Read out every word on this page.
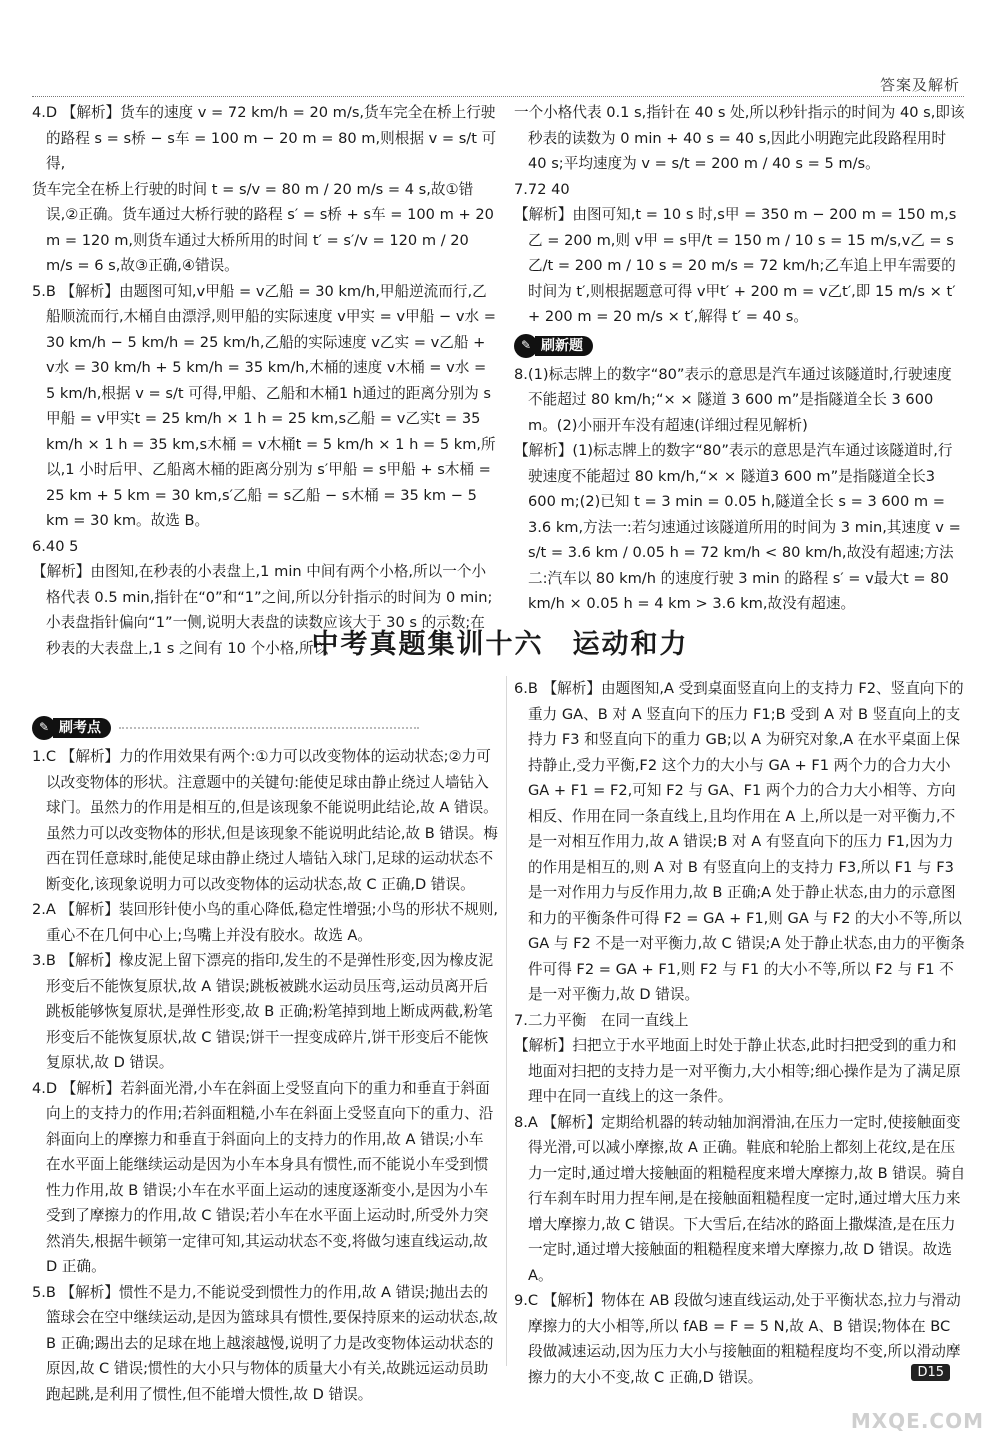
答案及解析

4.D 【解析】货车的速度 v = 72 km/h = 20 m/s,货车完全在桥上行驶的路程 s = s桥 − s车 = 100 m − 20 m = 80 m,则根据 v = s/t 可得,

货车完全在桥上行驶的时间 t = s/v = 80 m / 20 m/s = 4 s,故①错误,②正确。货车通过大桥行驶的路程 s′ = s桥 + s车 = 100 m + 20 m = 120 m,则货车通过大桥所用的时间 t′ = s′/v = 120 m / 20 m/s = 6 s,故③正确,④错误。

5.B 【解析】由题图可知,v甲船 = v乙船 = 30 km/h,甲船逆流而行,乙船顺流而行,木桶自由漂浮,则甲船的实际速度 v甲实 = v甲船 − v水 = 30 km/h − 5 km/h = 25 km/h,乙船的实际速度 v乙实 = v乙船 + v水 = 30 km/h + 5 km/h = 35 km/h,木桶的速度 v木桶 = v水 = 5 km/h,根据 v = s/t 可得,甲船、乙船和木桶1 h通过的距离分别为 s甲船 = v甲实t = 25 km/h × 1 h = 25 km,s乙船 = v乙实t = 35 km/h × 1 h = 35 km,s木桶 = v木桶t = 5 km/h × 1 h = 5 km,所以,1 小时后甲、乙船离木桶的距离分别为 s′甲船 = s甲船 + s木桶 = 25 km + 5 km = 30 km,s′乙船 = s乙船 − s木桶 = 35 km − 5 km = 30 km。故选 B。

6.40 5

【解析】由图知,在秒表的小表盘上,1 min 中间有两个小格,所以一个小格代表 0.5 min,指针在“0”和“1”之间,所以分针指示的时间为 0 min;小表盘指针偏向“1”一侧,说明大表盘的读数应该大于 30 s 的示数;在秒表的大表盘上,1 s 之间有 10 个小格,所以

一个小格代表 0.1 s,指针在 40 s 处,所以秒针指示的时间为 40 s,即该秒表的读数为 0 min + 40 s = 40 s,因此小明跑完此段路程用时 40 s;平均速度为 v = s/t = 200 m / 40 s = 5 m/s。

7.72 40

【解析】由图可知,t = 10 s 时,s甲 = 350 m − 200 m = 150 m,s乙 = 200 m,则 v甲 = s甲/t = 150 m / 10 s = 15 m/s,v乙 = s乙/t = 200 m / 10 s = 20 m/s = 72 km/h;乙车追上甲车需要的时间为 t′,则根据题意可得 v甲t′ + 200 m = v乙t′,即 15 m/s × t′ + 200 m = 20 m/s × t′,解得 t′ = 40 s。

✎ 刷新题

8.(1)标志牌上的数字“80”表示的意思是汽车通过该隧道时,行驶速度不能超过 80 km/h;“× × 隧道 3 600 m”是指隧道全长 3 600 m。(2)小丽开车没有超速(详细过程见解析)

【解析】(1)标志牌上的数字“80”表示的意思是汽车通过该隧道时,行驶速度不能超过 80 km/h,“× × 隧道3 600 m”是指隧道全长3 600 m;(2)已知 t = 3 min = 0.05 h,隧道全长 s = 3 600 m = 3.6 km,方法一:若匀速通过该隧道所用的时间为 3 min,其速度 v = s/t = 3.6 km / 0.05 h = 72 km/h < 80 km/h,故没有超速;方法二:汽车以 80 km/h 的速度行驶 3 min 的路程 s′ = v最大t = 80 km/h × 0.05 h = 4 km > 3.6 km,故没有超速。

中考真题集训十六　运动和力
✎ 刷考点

1.C 【解析】力的作用效果有两个:①力可以改变物体的运动状态;②力可以改变物体的形状。注意题中的关键句:能使足球由静止绕过人墙钻入球门。虽然力的作用是相互的,但是该现象不能说明此结论,故 A 错误。虽然力可以改变物体的形状,但是该现象不能说明此结论,故 B 错误。梅西在罚任意球时,能使足球由静止绕过人墙钻入球门,足球的运动状态不断变化,该现象说明力可以改变物体的运动状态,故 C 正确,D 错误。

2.A 【解析】装回形针使小鸟的重心降低,稳定性增强;小鸟的形状不规则,重心不在几何中心上;鸟嘴上并没有胶水。故选 A。

3.B 【解析】橡皮泥上留下漂亮的指印,发生的不是弹性形变,因为橡皮泥形变后不能恢复原状,故 A 错误;跳板被跳水运动员压弯,运动员离开后跳板能够恢复原状,是弹性形变,故 B 正确;粉笔掉到地上断成两截,粉笔形变后不能恢复原状,故 C 错误;饼干一捏变成碎片,饼干形变后不能恢复原状,故 D 错误。

4.D 【解析】若斜面光滑,小车在斜面上受竖直向下的重力和垂直于斜面向上的支持力的作用;若斜面粗糙,小车在斜面上受竖直向下的重力、沿斜面向上的摩擦力和垂直于斜面向上的支持力的作用,故 A 错误;小车在水平面上能继续运动是因为小车本身具有惯性,而不能说小车受到惯性力作用,故 B 错误;小车在水平面上运动的速度逐渐变小,是因为小车受到了摩擦力的作用,故 C 错误;若小车在水平面上运动时,所受外力突然消失,根据牛顿第一定律可知,其运动状态不变,将做匀速直线运动,故 D 正确。

5.B 【解析】惯性不是力,不能说受到惯性力的作用,故 A 错误;抛出去的篮球会在空中继续运动,是因为篮球具有惯性,要保持原来的运动状态,故 B 正确;踢出去的足球在地上越滚越慢,说明了力是改变物体运动状态的原因,故 C 错误;惯性的大小只与物体的质量大小有关,故跳远运动员助跑起跳,是利用了惯性,但不能增大惯性,故 D 错误。

6.B 【解析】由题图知,A 受到桌面竖直向上的支持力 F2、竖直向下的重力 GA、B 对 A 竖直向下的压力 F1;B 受到 A 对 B 竖直向上的支持力 F3 和竖直向下的重力 GB;以 A 为研究对象,A 在水平桌面上保持静止,受力平衡,F2 这个力的大小与 GA + F1 两个力的合力大小 GA + F1 = F2,可知 F2 与 GA、F1 两个力的合力大小相等、方向相反、作用在同一条直线上,且均作用在 A 上,所以是一对平衡力,不是一对相互作用力,故 A 错误;B 对 A 有竖直向下的压力 F1,因为力的作用是相互的,则 A 对 B 有竖直向上的支持力 F3,所以 F1 与 F3 是一对作用力与反作用力,故 B 正确;A 处于静止状态,由力的示意图和力的平衡条件可得 F2 = GA + F1,则 GA 与 F2 的大小不等,所以 GA 与 F2 不是一对平衡力,故 C 错误;A 处于静止状态,由力的平衡条件可得 F2 = GA + F1,则 F2 与 F1 的大小不等,所以 F2 与 F1 不是一对平衡力,故 D 错误。

7.二力平衡　在同一直线上

【解析】扫把立于水平地面上时处于静止状态,此时扫把受到的重力和地面对扫把的支持力是一对平衡力,大小相等;细心操作是为了满足原理中在同一直线上的这一条件。

8.A 【解析】定期给机器的转动轴加润滑油,在压力一定时,使接触面变得光滑,可以减小摩擦,故 A 正确。鞋底和轮胎上都刻上花纹,是在压力一定时,通过增大接触面的粗糙程度来增大摩擦力,故 B 错误。骑自行车刹车时用力捏车闸,是在接触面粗糙程度一定时,通过增大压力来增大摩擦力,故 C 错误。下大雪后,在结冰的路面上撒煤渣,是在压力一定时,通过增大接触面的粗糙程度来增大摩擦力,故 D 错误。故选 A。

9.C 【解析】物体在 AB 段做匀速直线运动,处于平衡状态,拉力与滑动摩擦力的大小相等,所以 fAB = F = 5 N,故 A、B 错误;物体在 BC 段做减速运动,因为压力大小与接触面的粗糙程度均不变,所以滑动摩擦力的大小不变,故 C 正确,D 错误。	D15
MXQE.COM
